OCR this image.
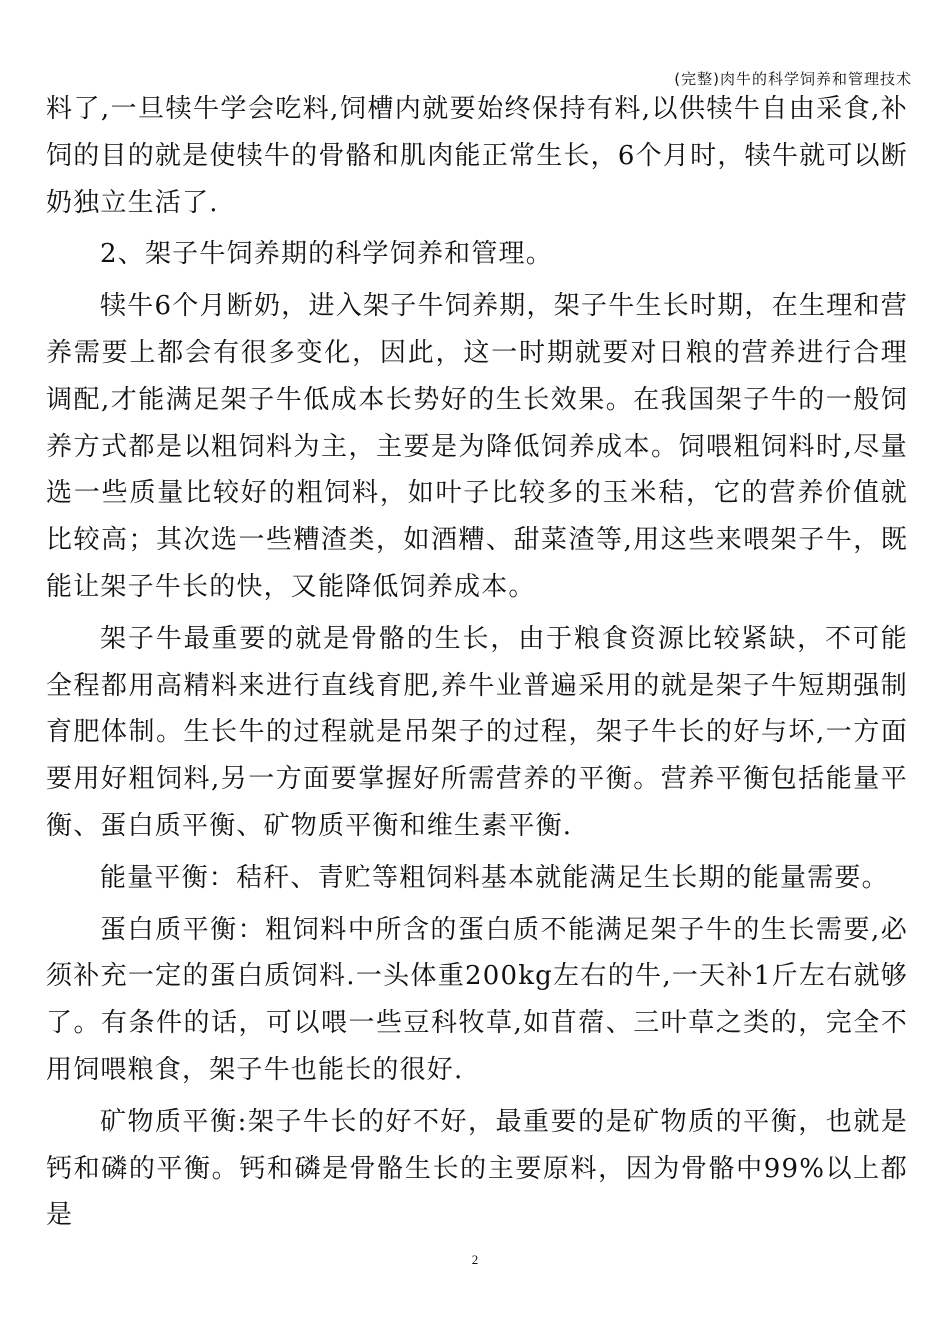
(完整)肉牛的科学饲养和管理技术

料了,一旦犊牛学会吃料,饲槽内就要始终保持有料,以供犊牛自由采食,补饲的目的就是使犊牛的骨骼和肌肉能正常生长，6个月时，犊牛就可以断奶独立生活了.

2、架子牛饲养期的科学饲养和管理。

犊牛6个月断奶，进入架子牛饲养期，架子牛生长时期，在生理和营养需要上都会有很多变化，因此，这一时期就要对日粮的营养进行合理调配,才能满足架子牛低成本长势好的生长效果。在我国架子牛的一般饲养方式都是以粗饲料为主，主要是为降低饲养成本。饲喂粗饲料时,尽量选一些质量比较好的粗饲料，如叶子比较多的玉米秸，它的营养价值就比较高；其次选一些糟渣类，如酒糟、甜菜渣等,用这些来喂架子牛，既能让架子牛长的快，又能降低饲养成本。

架子牛最重要的就是骨骼的生长，由于粮食资源比较紧缺，不可能全程都用高精料来进行直线育肥,养牛业普遍采用的就是架子牛短期强制育肥体制。生长牛的过程就是吊架子的过程，架子牛长的好与坏,一方面要用好粗饲料,另一方面要掌握好所需营养的平衡。营养平衡包括能量平衡、蛋白质平衡、矿物质平衡和维生素平衡.

能量平衡：秸秆、青贮等粗饲料基本就能满足生长期的能量需要。

蛋白质平衡：粗饲料中所含的蛋白质不能满足架子牛的生长需要,必须补充一定的蛋白质饲料.一头体重200kg左右的牛,一天补1斤左右就够了。有条件的话，可以喂一些豆科牧草,如苜蓿、三叶草之类的，完全不用饲喂粮食，架子牛也能长的很好.

矿物质平衡:架子牛长的好不好，最重要的是矿物质的平衡，也就是钙和磷的平衡。钙和磷是骨骼生长的主要原料，因为骨骼中99%以上都是

2
